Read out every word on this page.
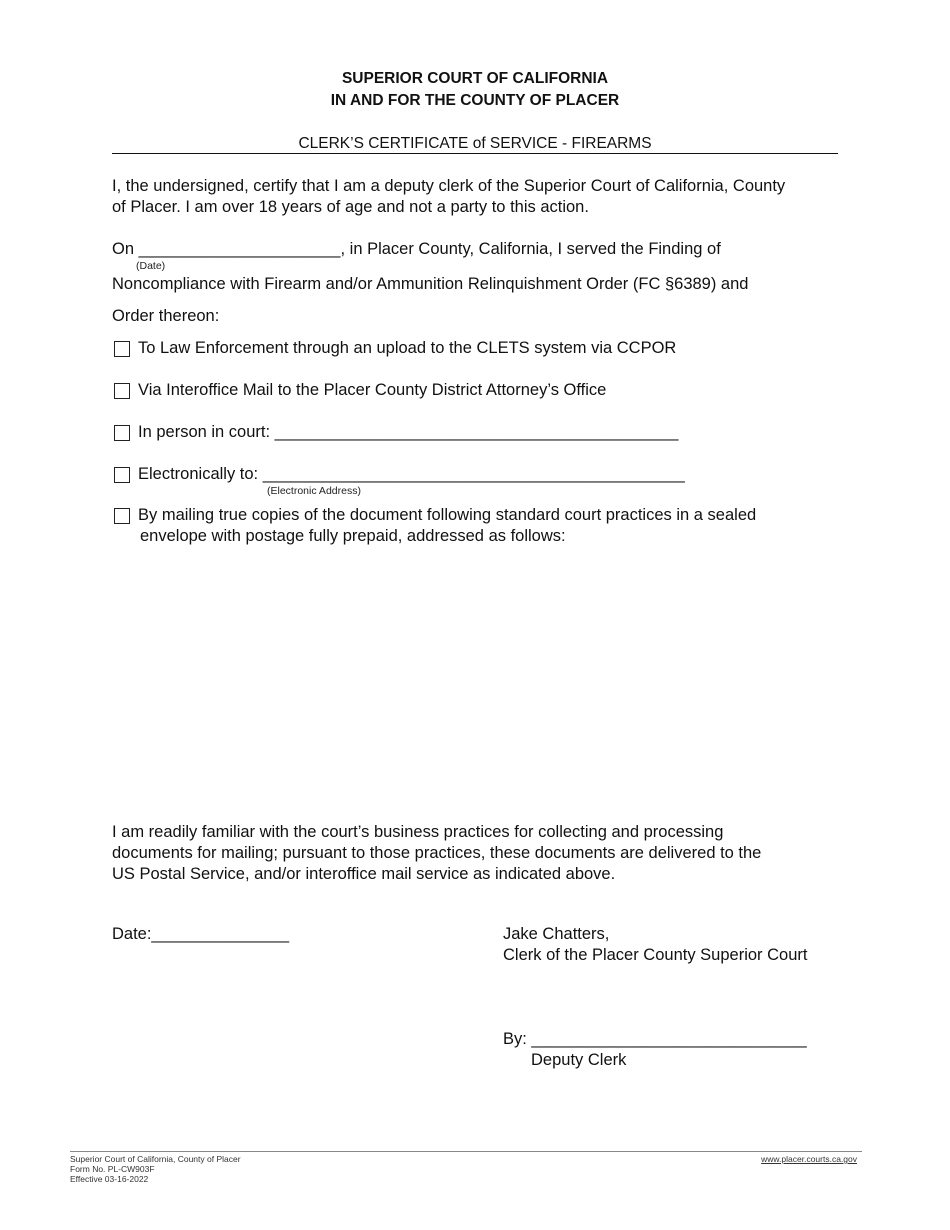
SUPERIOR COURT OF CALIFORNIA
IN AND FOR THE COUNTY OF PLACER
CLERK’S CERTIFICATE of SERVICE - FIREARMS
I, the undersigned, certify that I am a deputy clerk of the Superior Court of California, County
of Placer. I am over 18 years of age and not a party to this action.
On ______________________, in Placer County, California, I served the Finding of
(Date)
Noncompliance with Firearm and/or Ammunition Relinquishment Order (FC §6389) and
Order thereon:
To Law Enforcement through an upload to the CLETS system via CCPOR
Via Interoffice Mail to the Placer County District Attorney’s Office
In person in court: ____________________________________________
Electronically to: ______________________________________________
(Electronic Address)
By mailing true copies of the document following standard court practices in a sealed
envelope with postage fully prepaid, addressed as follows:
I am readily familiar with the court’s business practices for collecting and processing
documents for mailing; pursuant to those practices, these documents are delivered to the
US Postal Service, and/or interoffice mail service as indicated above.
Date:_______________	Jake Chatters,
Clerk of the Placer County Superior Court
By: ______________________________
Deputy Clerk
Superior Court of California, County of Placer
Form No. PL-CW903F
Effective 03-16-2022
www.placer.courts.ca.gov
